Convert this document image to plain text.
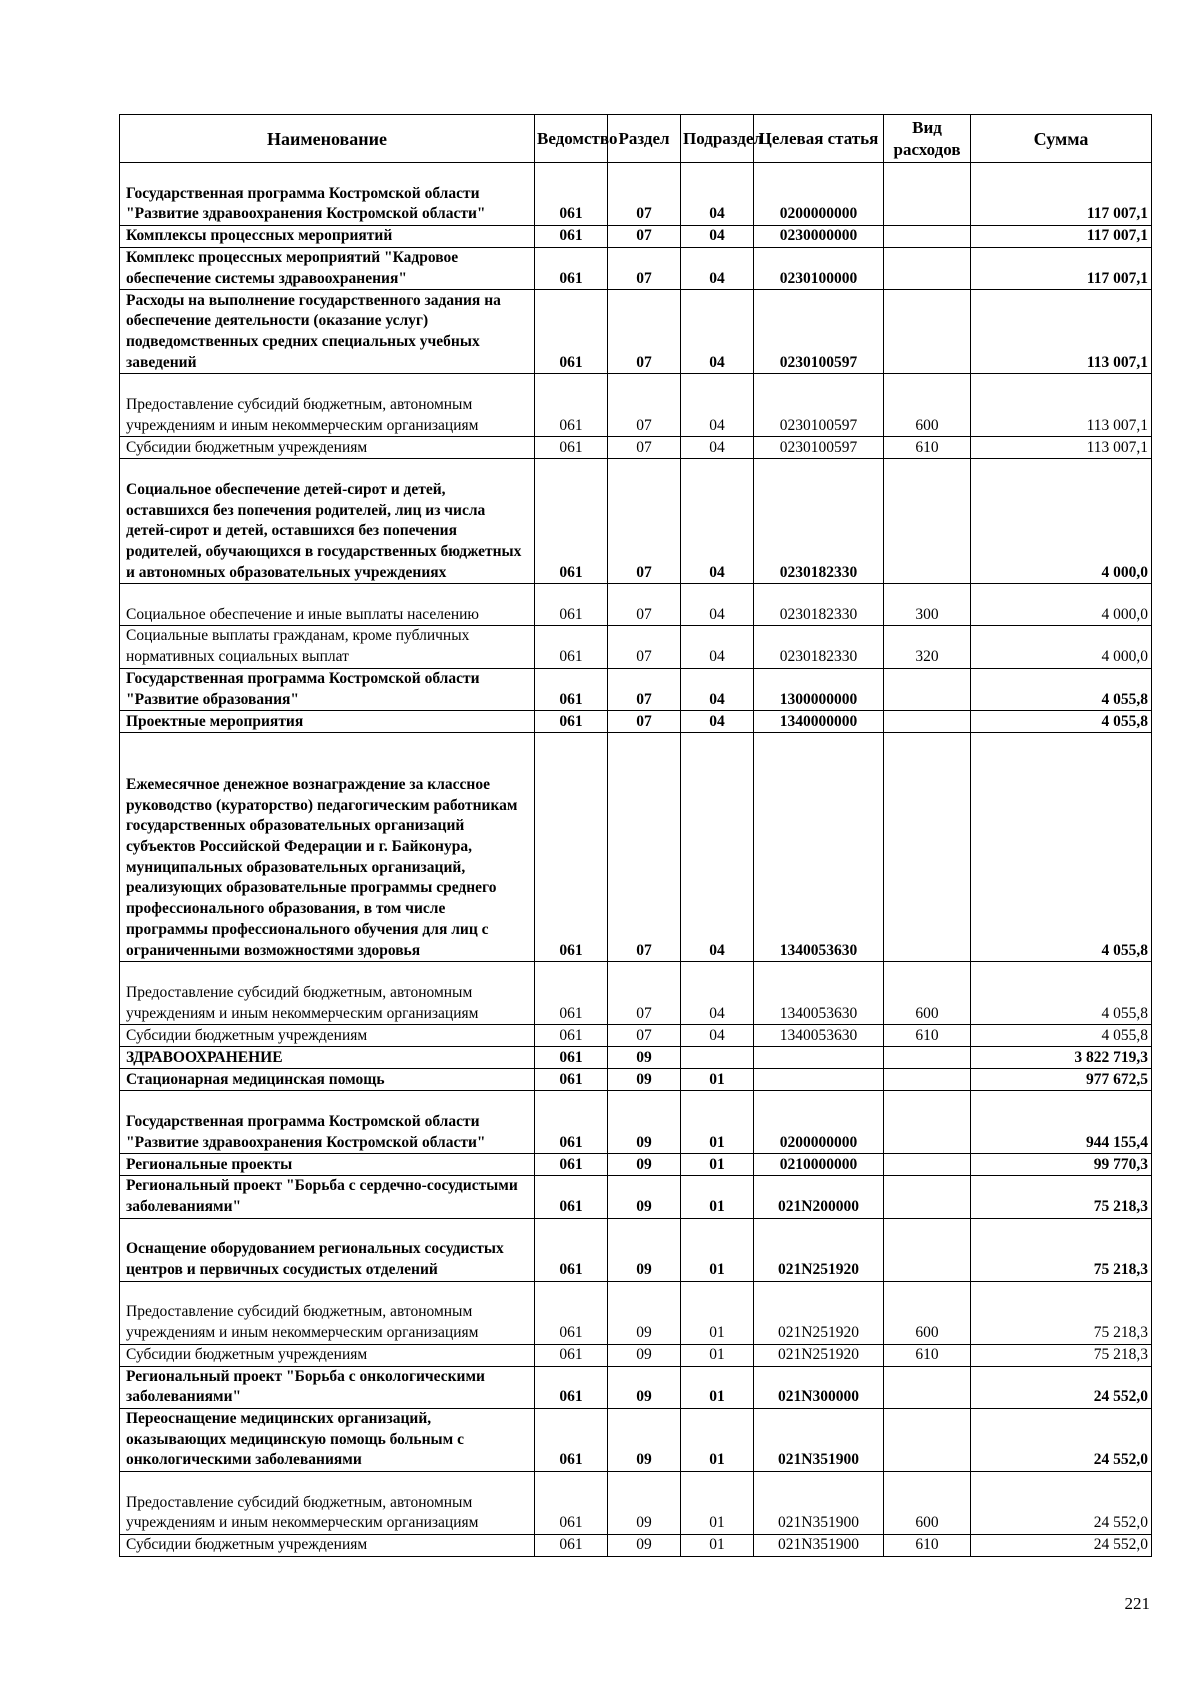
Наименование	Ведомство	Раздел	Подраздел	Целевая статья	Вид расходов	Сумма
Государственная программа Костромской области "Развитие здравоохранения Костромской области"	061	07	04	0200000000		117 007,1
Комплексы процессных мероприятий	061	07	04	0230000000		117 007,1
Комплекс процессных мероприятий "Кадровое обеспечение системы здравоохранения"	061	07	04	0230100000		117 007,1
Расходы на выполнение государственного задания на обеспечение деятельности (оказание услуг) подведомственных средних специальных учебных заведений	061	07	04	0230100597		113 007,1
Предоставление субсидий бюджетным, автономным учреждениям и иным некоммерческим организациям	061	07	04	0230100597	600	113 007,1
Субсидии бюджетным учреждениям	061	07	04	0230100597	610	113 007,1
Социальное обеспечение детей-сирот и детей, оставшихся без попечения родителей, лиц из числа детей-сирот и детей, оставшихся без попечения родителей, обучающихся в государственных бюджетных и автономных образовательных учреждениях	061	07	04	0230182330		4 000,0
Социальное обеспечение и иные выплаты населению	061	07	04	0230182330	300	4 000,0
Социальные выплаты гражданам, кроме публичных нормативных социальных выплат	061	07	04	0230182330	320	4 000,0
Государственная программа Костромской области "Развитие образования"	061	07	04	1300000000		4 055,8
Проектные мероприятия	061	07	04	1340000000		4 055,8
Ежемесячное денежное вознаграждение за классное руководство (кураторство) педагогическим работникам государственных образовательных организаций субъектов Российской Федерации и г. Байконура, муниципальных образовательных организаций, реализующих образовательные программы среднего профессионального образования, в том числе программы профессионального обучения для лиц с ограниченными возможностями здоровья	061	07	04	1340053630		4 055,8
Предоставление субсидий бюджетным, автономным учреждениям и иным некоммерческим организациям	061	07	04	1340053630	600	4 055,8
Субсидии бюджетным учреждениям	061	07	04	1340053630	610	4 055,8
ЗДРАВООХРАНЕНИЕ	061	09				3 822 719,3
Стационарная медицинская помощь	061	09	01			977 672,5
Государственная программа Костромской области "Развитие здравоохранения Костромской области"	061	09	01	0200000000		944 155,4
Региональные проекты	061	09	01	0210000000		99 770,3
Региональный проект "Борьба с сердечно-сосудистыми заболеваниями"	061	09	01	021N200000		75 218,3
Оснащение оборудованием региональных сосудистых центров и первичных сосудистых отделений	061	09	01	021N251920		75 218,3
Предоставление субсидий бюджетным, автономным учреждениям и иным некоммерческим организациям	061	09	01	021N251920	600	75 218,3
Субсидии бюджетным учреждениям	061	09	01	021N251920	610	75 218,3
Региональный проект "Борьба с онкологическими заболеваниями"	061	09	01	021N300000		24 552,0
Переоснащение медицинских организаций, оказывающих медицинскую помощь больным с онкологическими заболеваниями	061	09	01	021N351900		24 552,0
Предоставление субсидий бюджетным, автономным учреждениям и иным некоммерческим организациям	061	09	01	021N351900	600	24 552,0
Субсидии бюджетным учреждениям	061	09	01	021N351900	610	24 552,0
221
